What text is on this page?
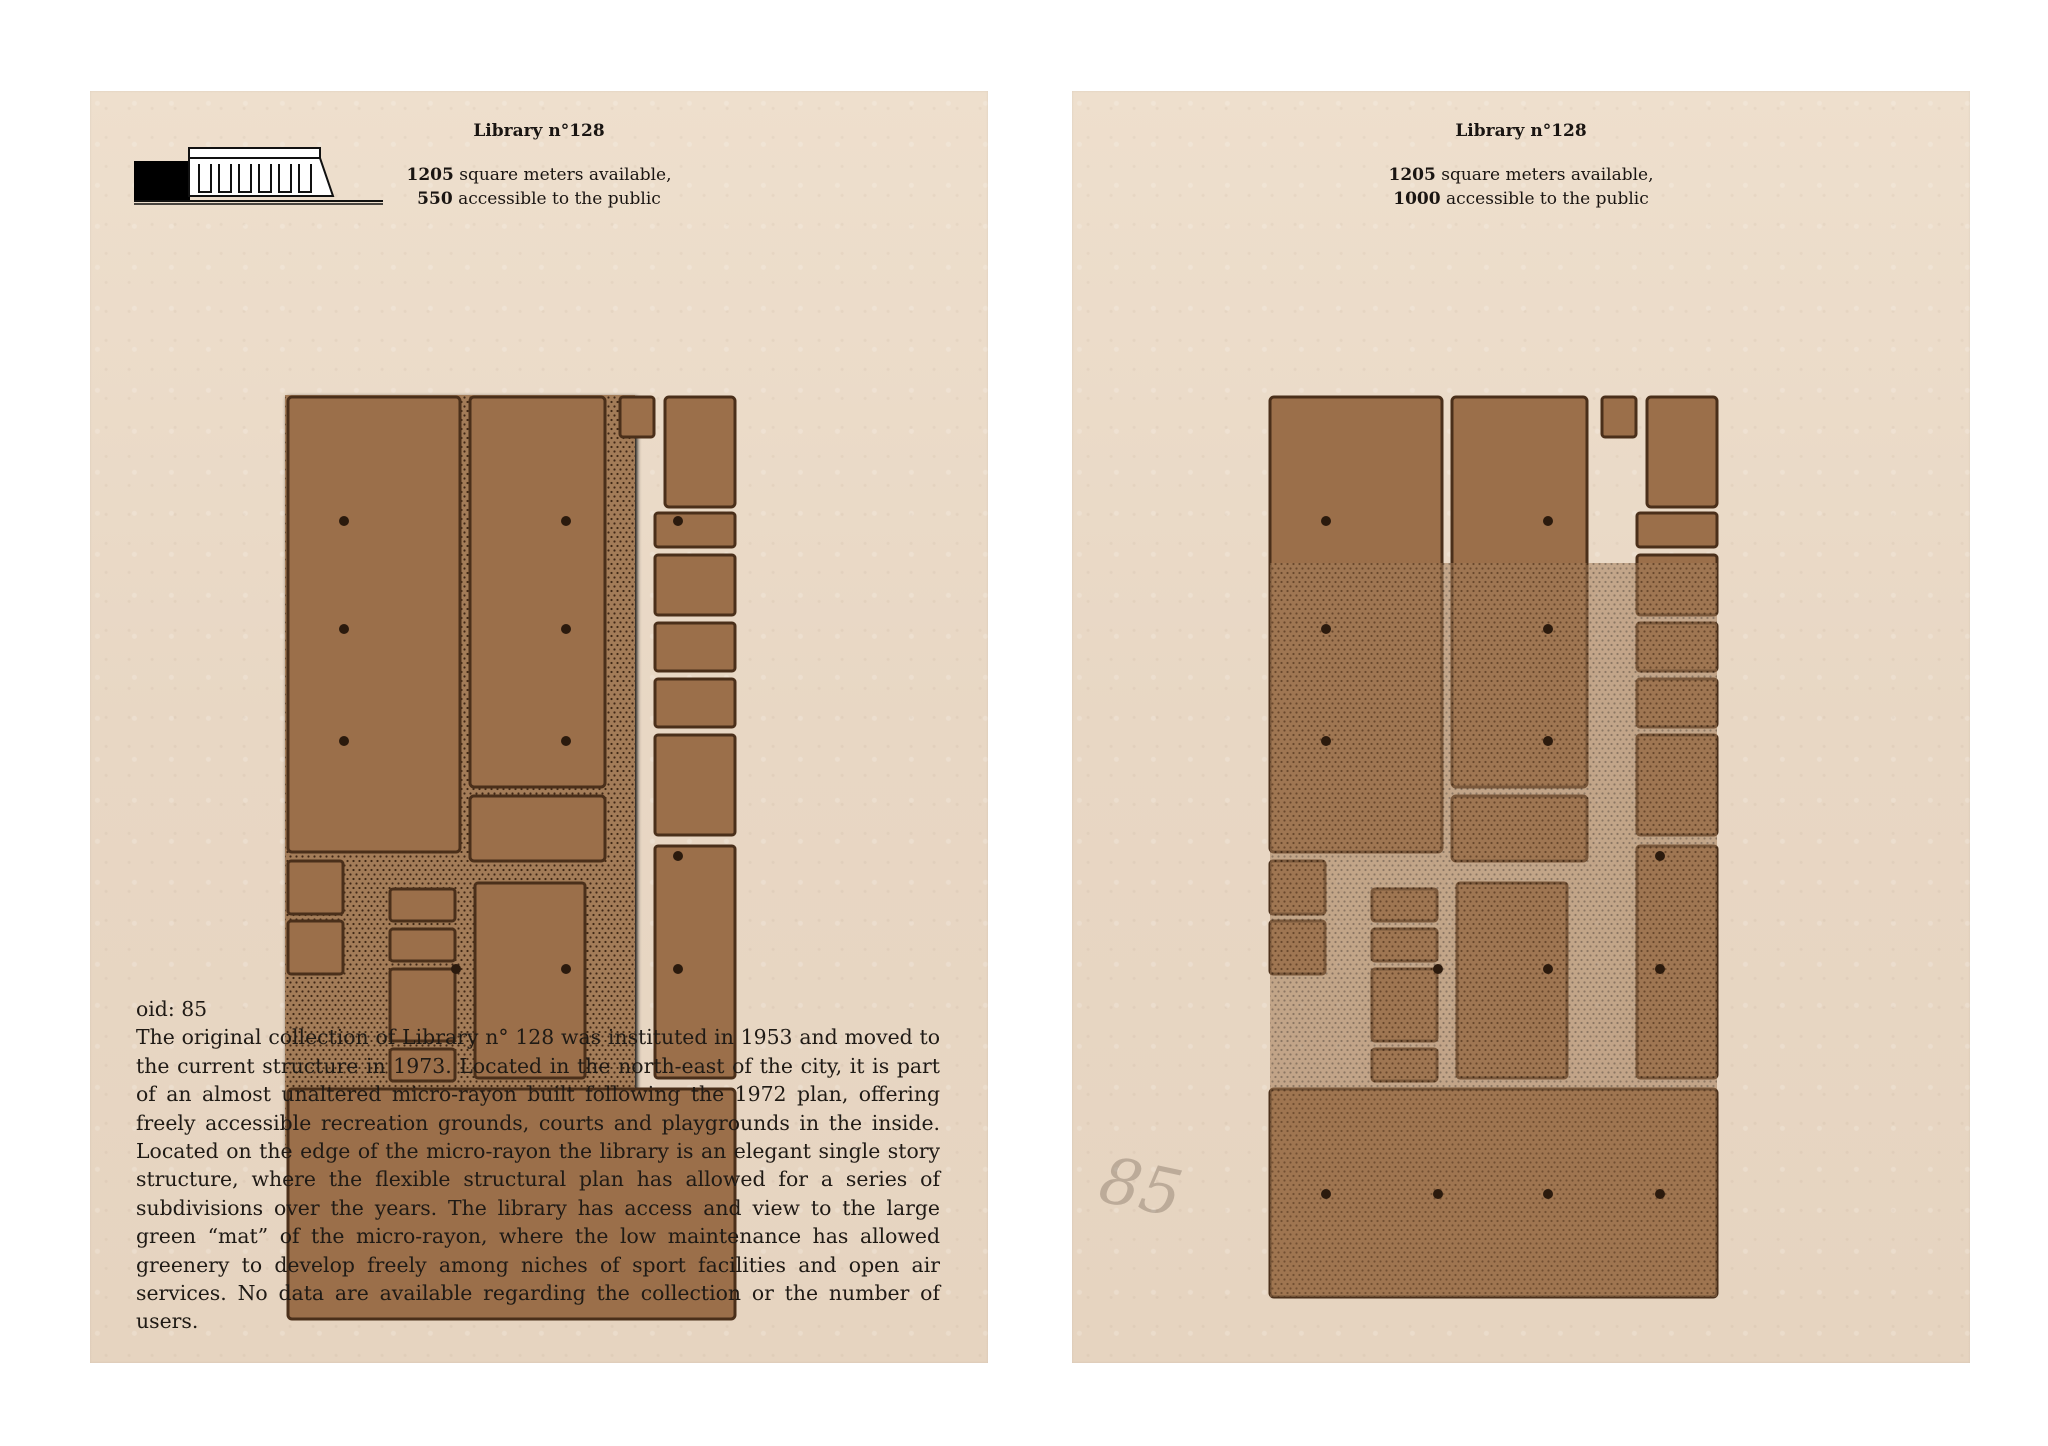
Library n°128
1205 square meters available,
550 accessible to the public
oid: 85
The original collection of Library n° 128 was instituted in 1953 and moved to the current structure in 1973. Located in the north-east of the city, it is part of an almost unaltered micro-rayon built following the 1972 plan, offering freely accessible recreation grounds, courts and playgrounds in the inside. Located on the edge of the micro-rayon the library is an elegant single story structure, where the flexible structural plan has allowed for a series of subdivisions over the years. The library has access and view to the large green “mat” of the micro-rayon, where the low maintenance has allowed greenery to develop freely among niches of sport facilities and open air services. No data are available regarding the collection or the number of users.
Library n°128
1205 square meters available,
1000 accessible to the public
85
